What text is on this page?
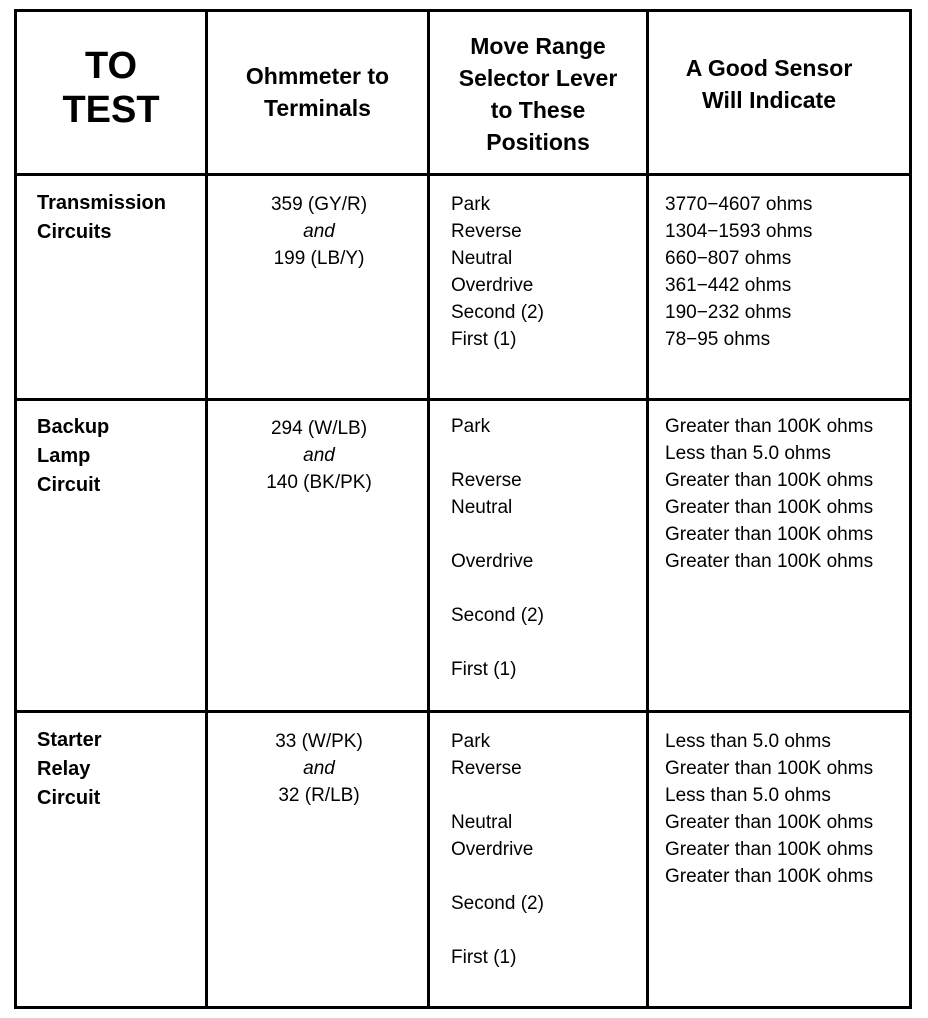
TO
TEST
Ohmmeter to
Terminals
Move Range
Selector Lever
to These
Positions
A Good Sensor
Will Indicate
Transmission
Circuits
359 (GY/R)
and
199 (LB/Y)
Park
Reverse
Neutral
Overdrive
Second (2)
First (1)
3770−4607 ohms
1304−1593 ohms
660−807 ohms
361−442 ohms
190−232 ohms
78−95 ohms
Backup
Lamp
Circuit
294 (W/LB)
and
140 (BK/PK)
Park
Reverse
Neutral
Overdrive
Second (2)
First (1)
Greater than 100K ohms
Less than 5.0 ohms
Greater than 100K ohms
Greater than 100K ohms
Greater than 100K ohms
Greater than 100K ohms
Starter
Relay
Circuit
33 (W/PK)
and
32 (R/LB)
Park
Reverse
Neutral
Overdrive
Second (2)
First (1)
Less than 5.0 ohms
Greater than 100K ohms
Less than 5.0 ohms
Greater than 100K ohms
Greater than 100K ohms
Greater than 100K ohms
